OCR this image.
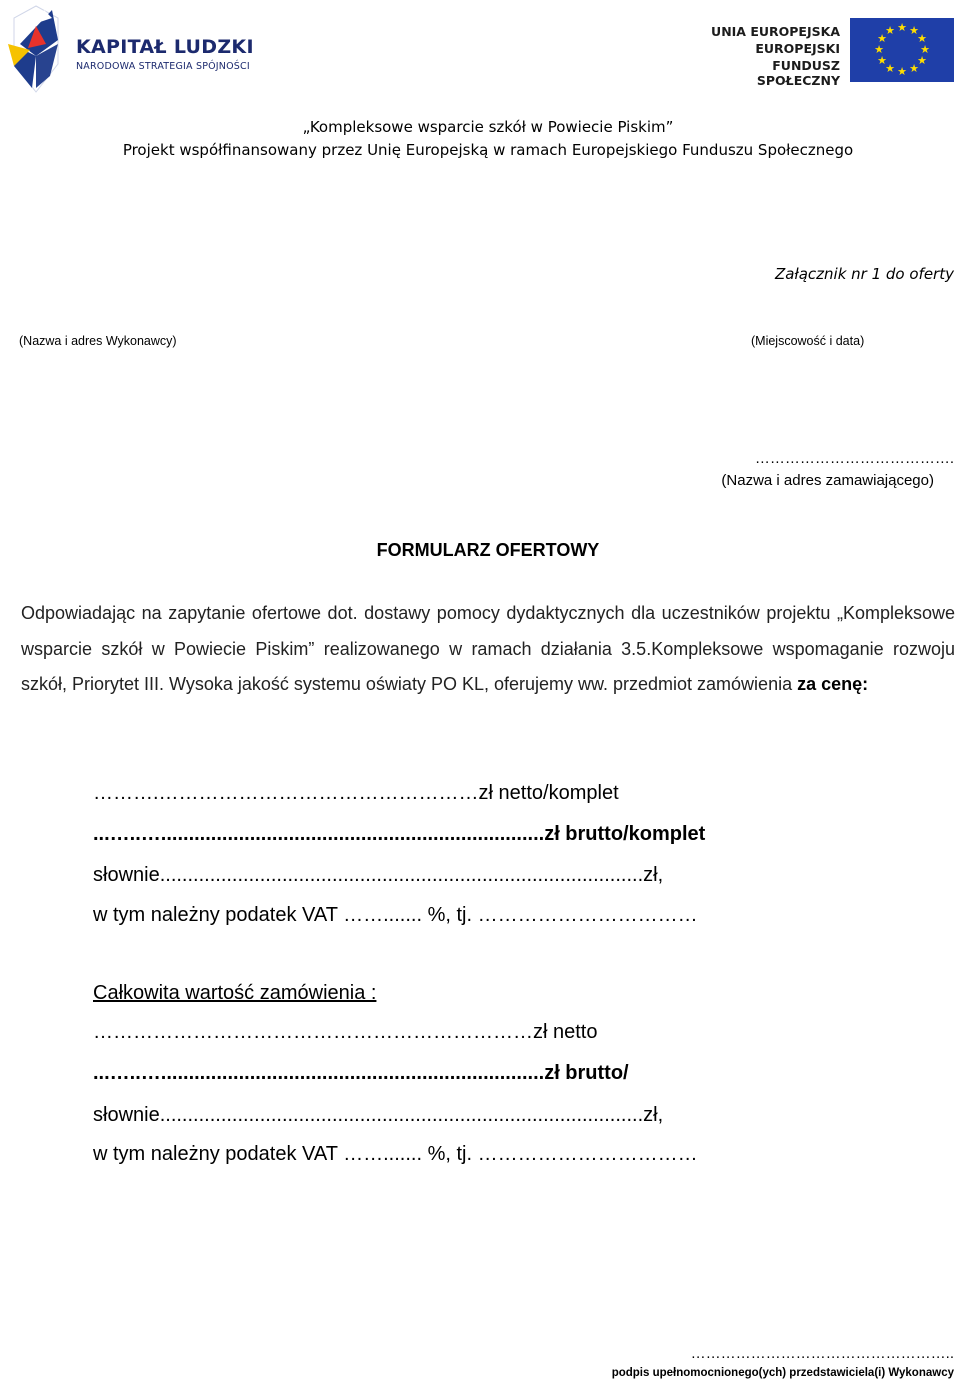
KAPITAŁ LUDZKI
NARODOWA STRATEGIA SPÓJNOŚCI
UNIA EUROPEJSKA
EUROPEJSKI
FUNDUSZ SPOŁECZNY
★ ★
★
★
★
★
★
★
★
★
★
★
„Kompleksowe wsparcie szkół w Powiecie Piskim”
Projekt współfinansowany przez Unię Europejską w ramach Europejskiego Funduszu Społecznego
Załącznik nr 1 do oferty
(Nazwa i adres Wykonawcy)	(Miejscowość i data)
………………………………….
(Nazwa i adres zamawiającego)
FORMULARZ OFERTOWY
Odpowiadając na zapytanie ofertowe dot. dostawy pomocy dydaktycznych dla uczestników projektu „Kompleksowe wsparcie szkół w Powiecie Piskim” realizowanego w ramach działania 3.5.Kompleksowe wspomaganie rozwoju szkół, Priorytet III. Wysoka jakość systemu oświaty PO KL, oferujemy ww. przedmiot zamówienia za cenę:
……….…………………………………………zł netto/komplet
...…..….....................................................................zł brutto/komplet
słownie.......................................................................................zł,
w tym należny podatek VAT ……....... %, tj. ……………………………
Całkowita wartość zamówienia :
…………………………………………………………zł netto
...…..….....................................................................zł brutto/
słownie.......................................................................................zł,
w tym należny podatek VAT ……....... %, tj. ……………………………
……………………………………………..
podpis upełnomocnionego(ych) przedstawiciela(i) Wykonawcy
